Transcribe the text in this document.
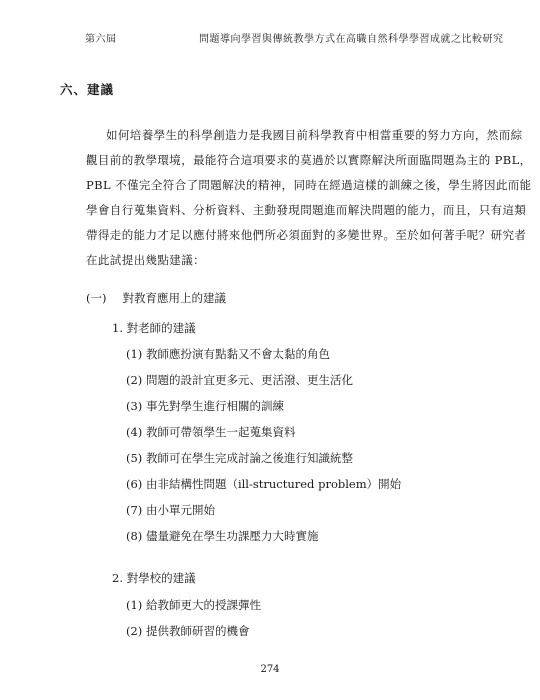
第六屆	問題導向學習與傳統教學方式在高職自然科學學習成就之比較研究
六、建議
如何培養學生的科學創造力是我國目前科學教育中相當重要的努力方向，然而綜
觀目前的教學環境，最能符合這項要求的莫過於以實際解決所面臨問題為主的 PBL，
PBL 不僅完全符合了問題解決的精神，同時在經過這樣的訓練之後，學生將因此而能
學會自行蒐集資料、分析資料、主動發現問題進而解決問題的能力，而且，只有這類
帶得走的能力才足以應付將來他們所必須面對的多變世界。至於如何著手呢？研究者
在此試提出幾點建議：
(一) 對教育應用上的建議
1. 對老師的建議
(1) 教師應扮演有點黏又不會太黏的角色
(2) 問題的設計宜更多元、更活潑、更生活化
(3) 事先對學生進行相關的訓練
(4) 教師可帶領學生一起蒐集資料
(5) 教師可在學生完成討論之後進行知識統整
(6) 由非結構性問題（ill-structured problem）開始
(7) 由小單元開始
(8) 儘量避免在學生功課壓力大時實施
2. 對學校的建議
(1) 給教師更大的授課彈性
(2) 提供教師研習的機會
274
